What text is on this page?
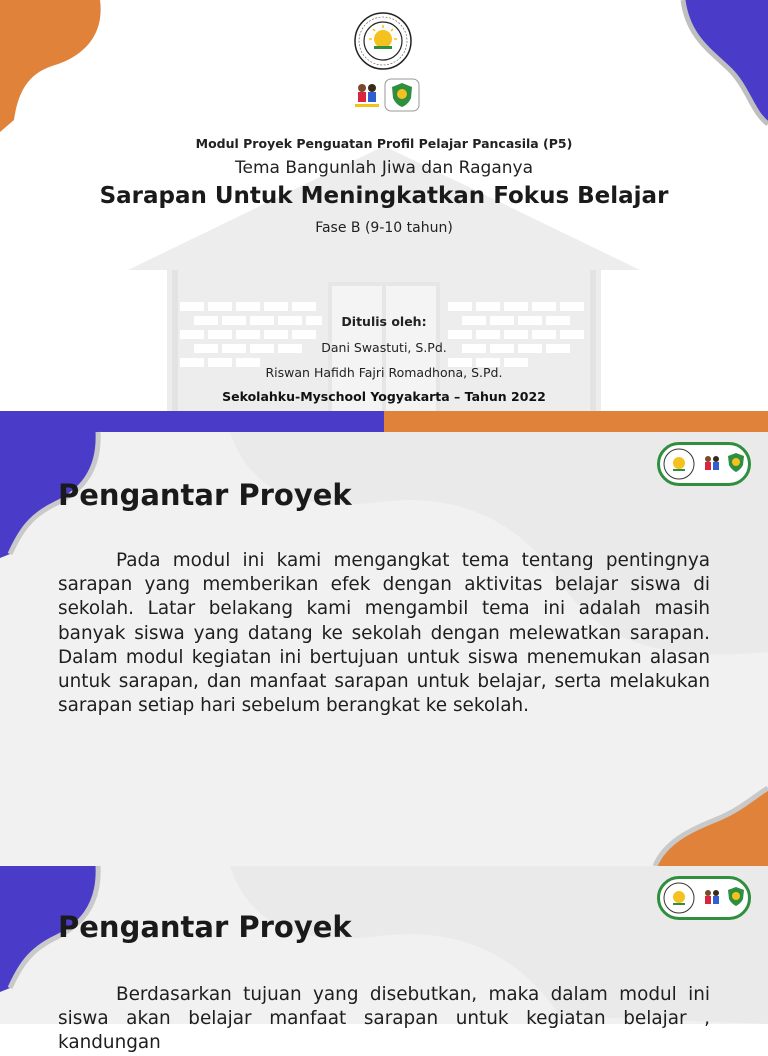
Modul Proyek Penguatan Profil Pelajar Pancasila (P5)
Tema Bangunlah Jiwa dan Raganya
Sarapan Untuk Meningkatkan Fokus Belajar
Fase B (9-10 tahun)
Ditulis oleh:
Dani Swastuti, S.Pd.
Riswan Hafidh Fajri Romadhona, S.Pd.
Sekolahku-Myschool Yogyakarta – Tahun 2022
Pengantar Proyek

Pada modul ini kami mengangkat tema tentang pentingnya sarapan yang memberikan efek dengan aktivitas belajar siswa di sekolah. Latar belakang kami mengambil tema ini adalah masih banyak siswa yang datang ke sekolah dengan melewatkan sarapan. Dalam modul kegiatan ini bertujuan untuk siswa menemukan alasan untuk sarapan, dan manfaat sarapan untuk belajar, serta melakukan sarapan setiap hari sebelum berangkat ke sekolah.

Pengantar Proyek

Berdasarkan tujuan yang disebutkan, maka dalam modul ini siswa akan belajar manfaat sarapan untuk kegiatan belajar , kandungan
